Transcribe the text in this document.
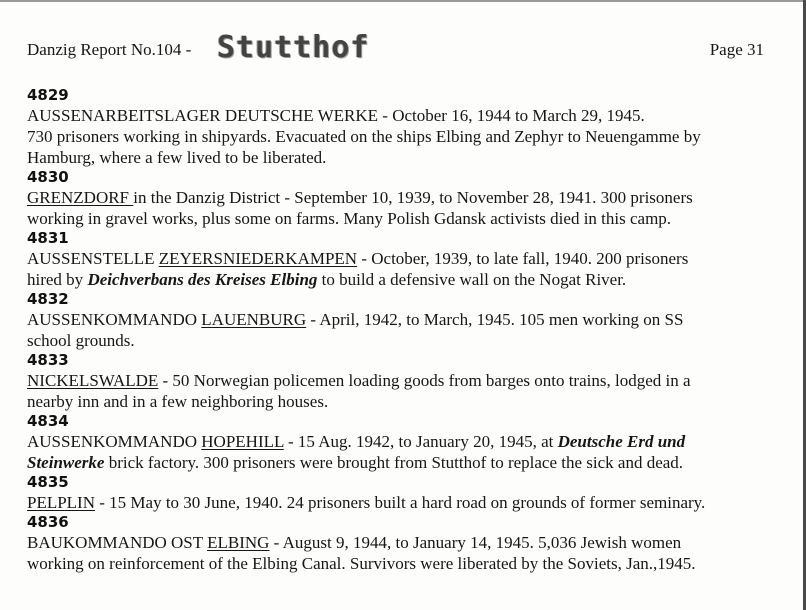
Danzig Report No.104 - Stutthof	Page 31
4829
AUSSENARBEITSLAGER DEUTSCHE WERKE - October 16, 1944 to March 29, 1945.
730 prisoners working in shipyards. Evacuated on the ships Elbing and Zephyr to Neuengamme by
Hamburg, where a few lived to be liberated.
4830
GRENZDORF in the Danzig District - September 10, 1939, to November 28, 1941. 300 prisoners
working in gravel works, plus some on farms. Many Polish Gdansk activists died in this camp.
4831
AUSSENSTELLE ZEYERSNIEDERKAMPEN - October, 1939, to late fall, 1940. 200 prisoners
hired by Deichverbans des Kreises Elbing to build a defensive wall on the Nogat River.
4832
AUSSENKOMMANDO LAUENBURG - April, 1942, to March, 1945. 105 men working on SS
school grounds.
4833
NICKELSWALDE - 50 Norwegian policemen loading goods from barges onto trains, lodged in a
nearby inn and in a few neighboring houses.
4834
AUSSENKOMMANDO HOPEHILL - 15 Aug. 1942, to January 20, 1945, at Deutsche Erd und
Steinwerke brick factory. 300 prisoners were brought from Stutthof to replace the sick and dead.
4835
PELPLIN - 15 May to 30 June, 1940. 24 prisoners built a hard road on grounds of former seminary.
4836
BAUKOMMANDO OST ELBING - August 9, 1944, to January 14, 1945. 5,036 Jewish women
working on reinforcement of the Elbing Canal. Survivors were liberated by the Soviets, Jan.,1945.
